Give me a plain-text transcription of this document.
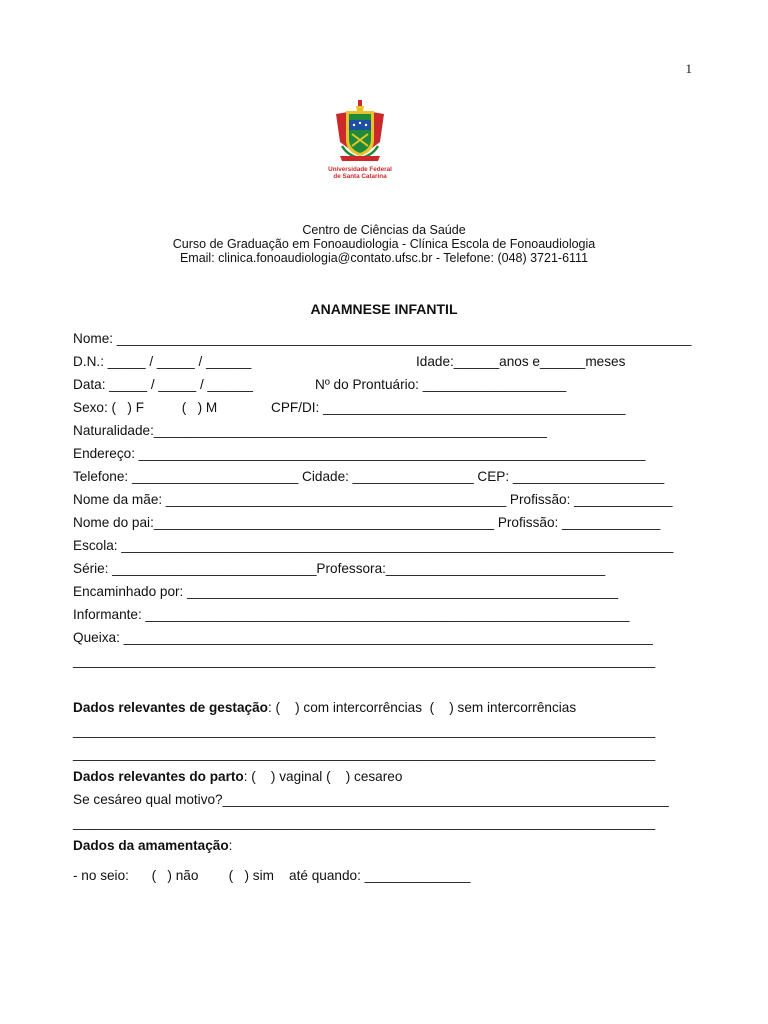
1
Universidade Federal
de Santa Catarina
Centro de Ciências da Saúde
Curso de Graduação em Fonoaudiologia - Clínica Escola de Fonoaudiologia
Email: clinica.fonoaudiologia@contato.ufsc.br - Telefone: (048) 3721-6111
ANAMNESE INFANTIL
Nome: ____________________________________________________________________________
D.N.: _____ / _____ / ______	Idade:______anos e______meses
Data: _____ / _____ / ______	Nº do Prontuário: ___________________
Sexo: (   ) F          (   ) M	CPF/DI: ________________________________________
Naturalidade:____________________________________________________
Endereço: ___________________________________________________________________
Telefone: ______________________ Cidade: ________________ CEP: ____________________
Nome da mãe: _____________________________________________ Profissão: _____________
Nome do pai:_____________________________________________ Profissão: _____________
Escola: _________________________________________________________________________
Série: ___________________________Professora:_____________________________
Encaminhado por: _________________________________________________________
Informante: ________________________________________________________________
Queixa: ______________________________________________________________________
_____________________________________________________________________________
Dados relevantes de gestação: (    ) com intercorrências  (    ) sem intercorrências
_____________________________________________________________________________
_____________________________________________________________________________
Dados relevantes do parto: (    ) vaginal (    ) cesareo
Se cesáreo qual motivo?___________________________________________________________
_____________________________________________________________________________
Dados da amamentação:
- no seio:      (   ) não        (   ) sim    até quando: ______________
